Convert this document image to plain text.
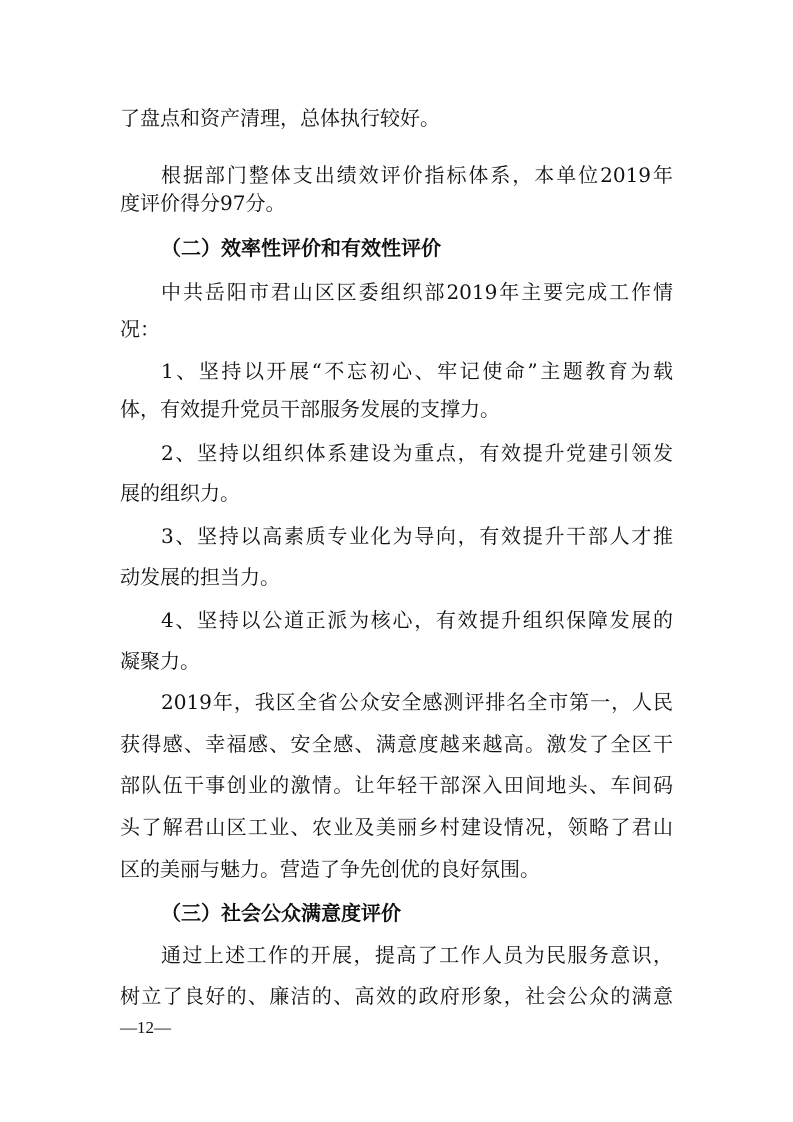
了盘点和资产清理，总体执行较好。
根据部门整体支出绩效评价指标体系，本单位2019年
度评价得分97分。
（二）效率性评价和有效性评价
中共岳阳市君山区区委组织部2019年主要完成工作情
况：
1、坚持以开展“不忘初心、牢记使命”主题教育为载
体，有效提升党员干部服务发展的支撑力。
2、坚持以组织体系建设为重点，有效提升党建引领发
展的组织力。
3、坚持以高素质专业化为导向，有效提升干部人才推
动发展的担当力。
4、坚持以公道正派为核心，有效提升组织保障发展的
凝聚力。
2019年，我区全省公众安全感测评排名全市第一，人民
获得感、幸福感、安全感、满意度越来越高。激发了全区干
部队伍干事创业的激情。让年轻干部深入田间地头、车间码
头了解君山区工业、农业及美丽乡村建设情况，领略了君山
区的美丽与魅力。营造了争先创优的良好氛围。
（三）社会公众满意度评价
通过上述工作的开展，提高了工作人员为民服务意识，
树立了良好的、廉洁的、高效的政府形象，社会公众的满意
—12—
